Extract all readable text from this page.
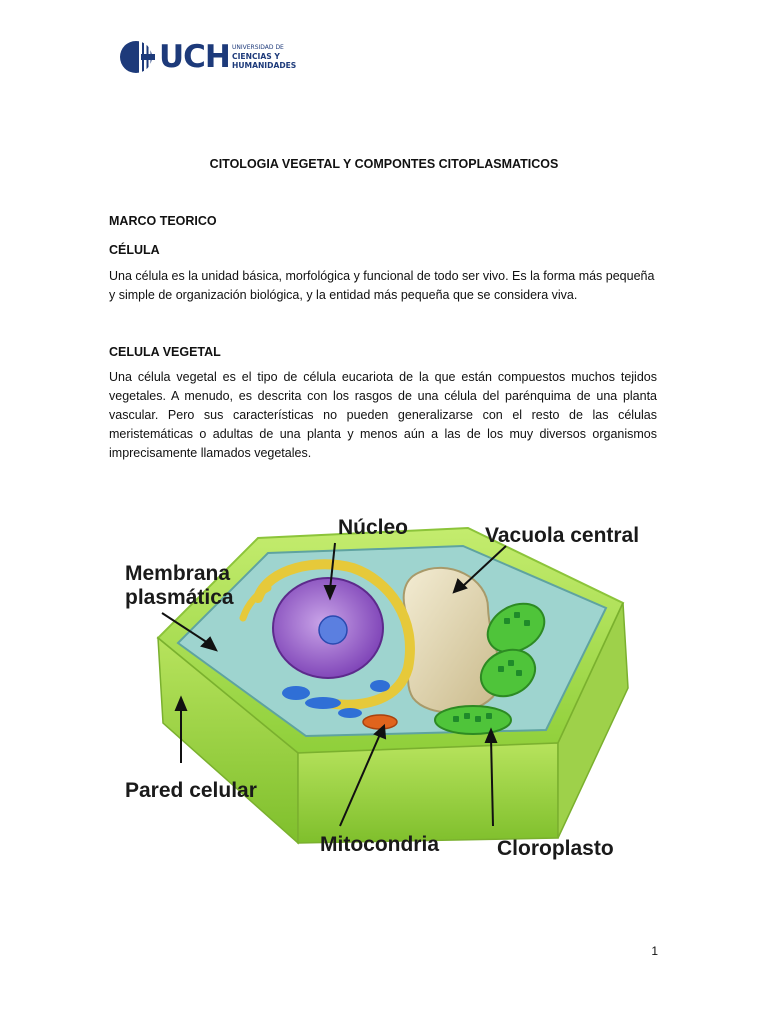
UCH UNIVERSIDAD DE
CIENCIAS Y
HUMANIDADES
CITOLOGIA VEGETAL Y COMPONTES CITOPLASMATICOS
MARCO TEORICO
CÉLULA
Una célula es la unidad básica, morfológica y funcional de todo ser vivo. Es la forma más pequeña y simple de organización biológica, y la entidad más pequeña que se considera viva.
CELULA VEGETAL
Una célula vegetal es el tipo de célula eucariota de la que están compuestos muchos tejidos vegetales. A menudo, es descrita con los rasgos de una célula del parénquima de una planta vascular. Pero sus características no pueden generalizarse con el resto de las células meristemáticas o adultas de una planta y menos aún a las de los muy diversos organismos imprecisamente llamados vegetales.
Núcleo	Vacuola central
Membrana
plasmática
Pared celular
Mitocondria	Cloroplasto
1
